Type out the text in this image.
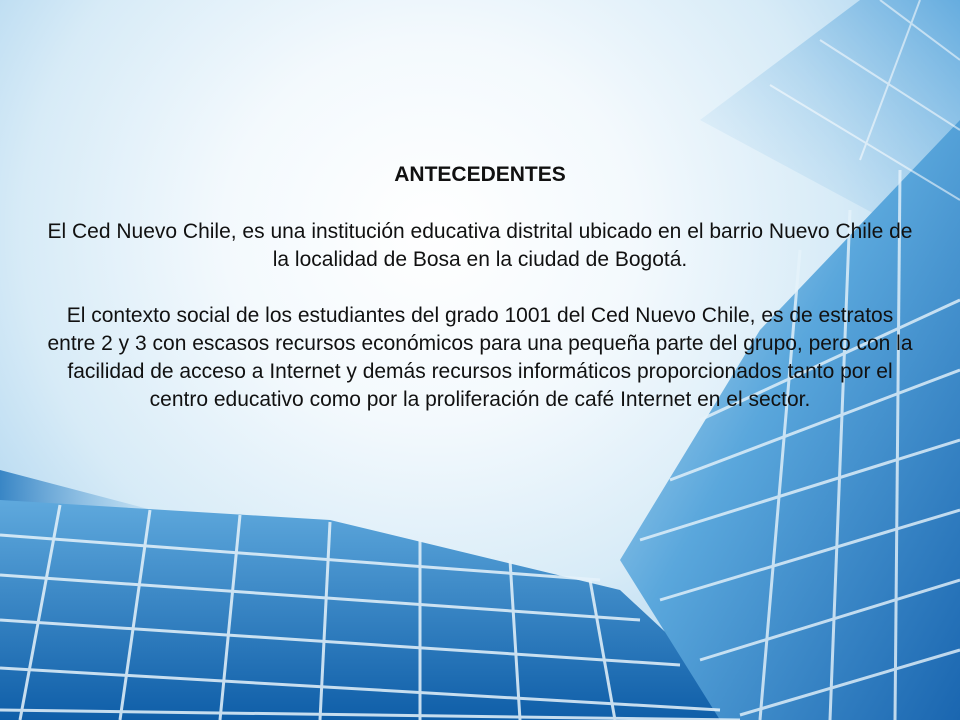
ANTECEDENTES

El Ced Nuevo Chile, es una institución educativa distrital ubicado en el barrio Nuevo Chile de la localidad de Bosa en la ciudad de Bogotá.

El contexto social de los estudiantes del grado 1001 del Ced Nuevo Chile, es de estratos entre 2 y 3 con escasos recursos económicos para una pequeña parte del grupo, pero con la facilidad de acceso a Internet y demás recursos informáticos proporcionados tanto por el centro educativo como por la proliferación de café Internet en el sector.
